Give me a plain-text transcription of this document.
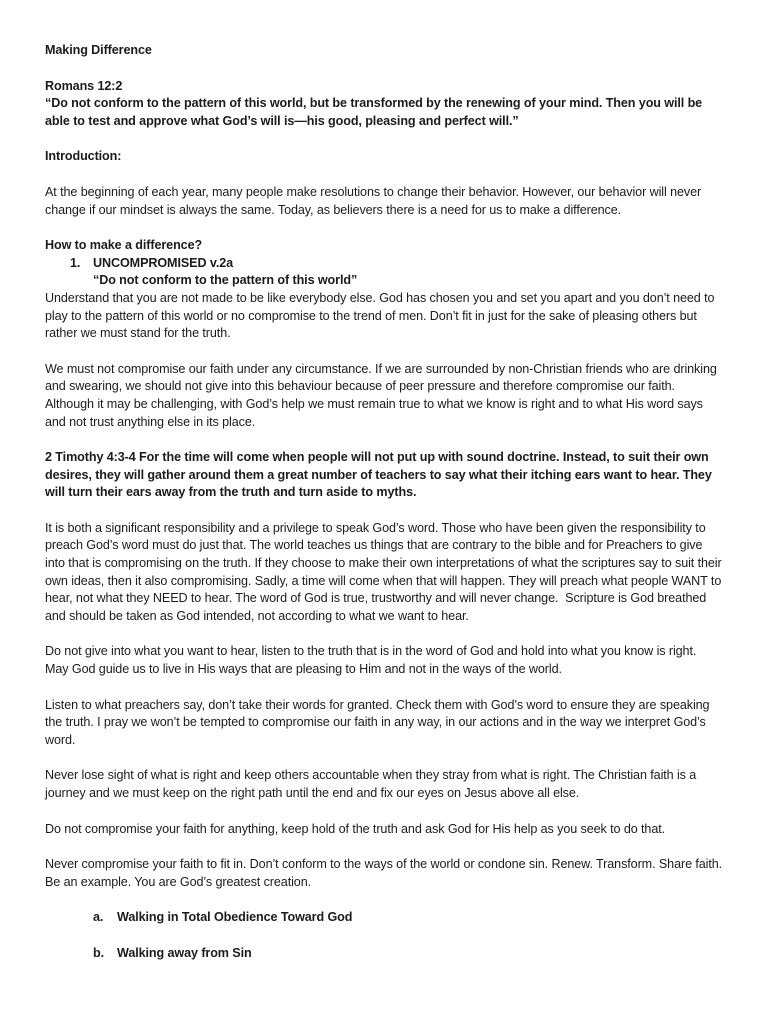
Making Difference

Romans 12:2

“Do not conform to the pattern of this world, but be transformed by the renewing of your mind. Then you will be able to test and approve what God’s will is—his good, pleasing and perfect will.”

Introduction:

At the beginning of each year, many people make resolutions to change their behavior. However, our behavior will never change if our mindset is always the same. Today, as believers there is a need for us to make a difference.

How to make a difference?

1. UNCOMPROMISED v.2a

“Do not conform to the pattern of this world”

Understand that you are not made to be like everybody else. God has chosen you and set you apart and you don’t need to play to the pattern of this world or no compromise to the trend of men. Don’t fit in just for the sake of pleasing others but rather we must stand for the truth.

We must not compromise our faith under any circumstance. If we are surrounded by non-Christian friends who are drinking and swearing, we should not give into this behaviour because of peer pressure and therefore compromise our faith. Although it may be challenging, with God’s help we must remain true to what we know is right and to what His word says and not trust anything else in its place.

2 Timothy 4:3-4 For the time will come when people will not put up with sound doctrine. Instead, to suit their own desires, they will gather around them a great number of teachers to say what their itching ears want to hear. They will turn their ears away from the truth and turn aside to myths.

It is both a significant responsibility and a privilege to speak God’s word. Those who have been given the responsibility to preach God’s word must do just that. The world teaches us things that are contrary to the bible and for Preachers to give into that is compromising on the truth. If they choose to make their own interpretations of what the scriptures say to suit their own ideas, then it also compromising. Sadly, a time will come when that will happen. They will preach what people WANT to hear, not what they NEED to hear. The word of God is true, trustworthy and will never change.  Scripture is God breathed and should be taken as God intended, not according to what we want to hear.

Do not give into what you want to hear, listen to the truth that is in the word of God and hold into what you know is right. May God guide us to live in His ways that are pleasing to Him and not in the ways of the world.

Listen to what preachers say, don’t take their words for granted. Check them with God’s word to ensure they are speaking the truth. I pray we won’t be tempted to compromise our faith in any way, in our actions and in the way we interpret God’s word.

Never lose sight of what is right and keep others accountable when they stray from what is right. The Christian faith is a journey and we must keep on the right path until the end and fix our eyes on Jesus above all else.

Do not compromise your faith for anything, keep hold of the truth and ask God for His help as you seek to do that.

Never compromise your faith to fit in. Don’t conform to the ways of the world or condone sin. Renew. Transform. Share faith. Be an example. You are God’s greatest creation.

a. Walking in Total Obedience Toward God

b. Walking away from Sin
